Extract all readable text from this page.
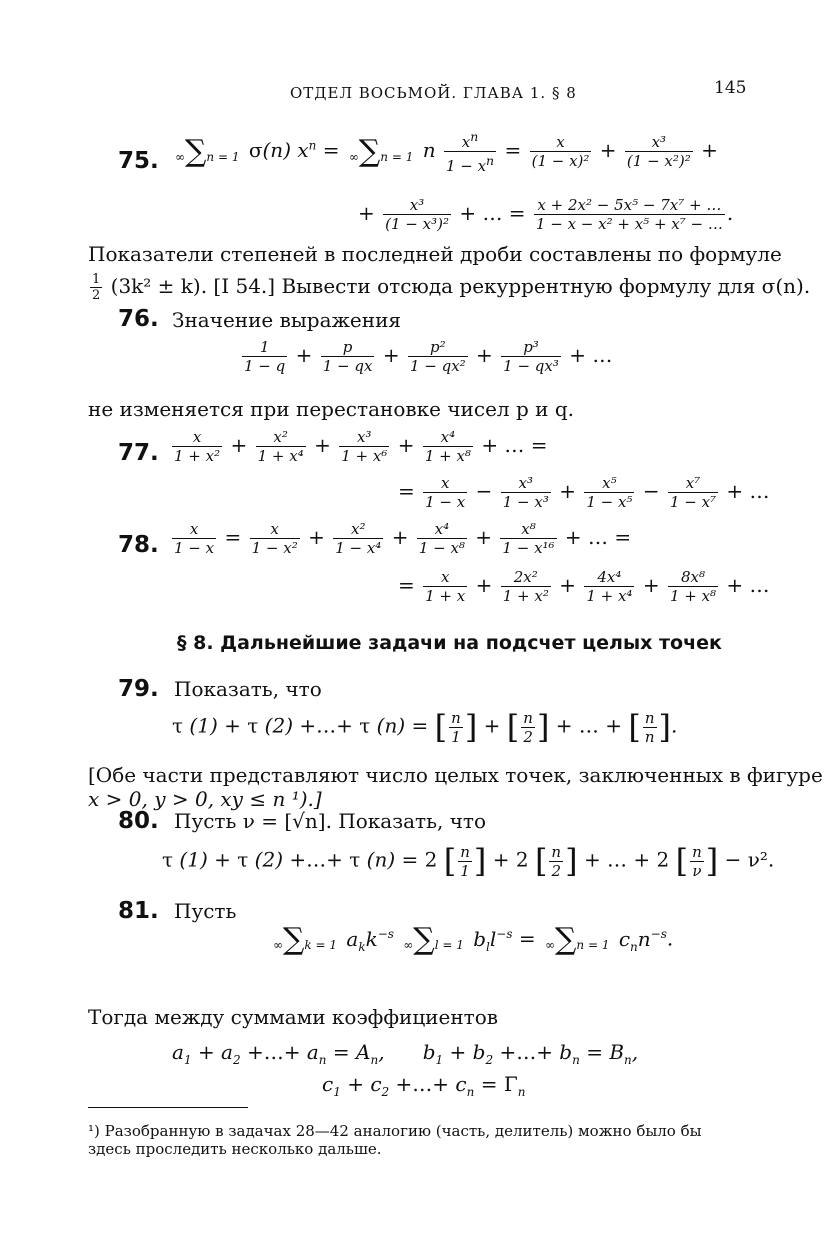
ОТДЕЛ ВОСЬМОЙ. ГЛАВА 1. § 8	145
75. ∞∑n = 1 σ(n) $x^n = \infty\sum n = 1$ n $\frac{x^n}{1 - x^n} = \frac{x}{\text{(1 − x)²}} + \frac{\text{x³}}{\text{(1 − x²)²}}$ +
+ $\frac{\text{x³}}{\text{(1 − x³)²}}$ + … = $\frac{\text{x + 2x² − 5x⁵ − 7x⁷ + …}}{\text{1 − x − x² + x⁵ + x⁷ − …}}$ .
Показатели степеней в последней дроби составлены по формуле
$\frac{1}{2} (3k^2 \pm k)$. [I 54.] Вывести отсюда рекуррентную формулу для σ(n).
76. Значение выражения
$\frac{1}{1 - q} + \frac{p}{1 - qx} + \frac{\text{p²}}{\text{1 − qx²}} + \frac{\text{p³}}{\text{1 − qx³}}$ + …
не изменяется при перестановке чисел p и q.
77. $\frac{x}{\text{1 + x²}} + \frac{\text{x²}}{\text{1 + x⁴}} + \frac{\text{x³}}{\text{1 + x⁶}} + \frac{\text{x⁴}}{\text{1 + x⁸}}$ + … =
= $\frac{x}{1 - x} - \frac{\text{x³}}{\text{1 − x³}} + \frac{\text{x⁵}}{\text{1 − x⁵}} - \frac{\text{x⁷}}{\text{1 − x⁷}}$ + …
78. $\frac{x}{1 - x} = \frac{x}{\text{1 − x²}} + \frac{\text{x²}}{\text{1 − x⁴}} + \frac{\text{x⁴}}{\text{1 − x⁸}} + \frac{\text{x⁸}}{\text{1 − x¹⁶}}$ + … =
= $\frac{x}{1 + x} + \frac{\text{2x²}}{\text{1 + x²}} + \frac{\text{4x⁴}}{\text{1 + x⁴}} + \frac{\text{8x⁸}}{\text{1 + x⁸}}$ + …
§ 8. Дальнейшие задачи на подсчет целых точек
79. Показать, что
τ (1) + τ (2) +…+ τ (n) = [ $\frac{n}{1}$ ] + [ $\frac{n}{2}$ ] + … + [ $\frac{n}{n}$ ].
[Обе части представляют число целых точек, заключенных в фигуре
x > 0, y > 0, xy ≤ n ¹).]
80. Пусть ν = [√n]. Показать, что
τ (1) + τ (2) +…+ τ (n) = 2 [ $\frac{n}{1}$ ] + 2 [ $\frac{n}{2}$ ] + … + 2 [ $\frac{n}{\nu}$ ] − ν².
81. Пусть
∞∑k = 1 $a_kk^{-s}$ ∞∑l = 1 $b_ll^{-s} = \infty\sum n = 1$ $c_nn^{-s}$.
Тогда между суммами коэффициентов
$a_1 + a_2$ +…+ $a_n = A_n$,      $b_1 + b_2$ +…+ $b_n = B_n$,
$c_1 + c_2$ +…+ $c_n = \Gamma_n$
¹) Разобранную в задачах 28—42 аналогию (часть, делитель) можно было бы
здесь проследить несколько дальше.
